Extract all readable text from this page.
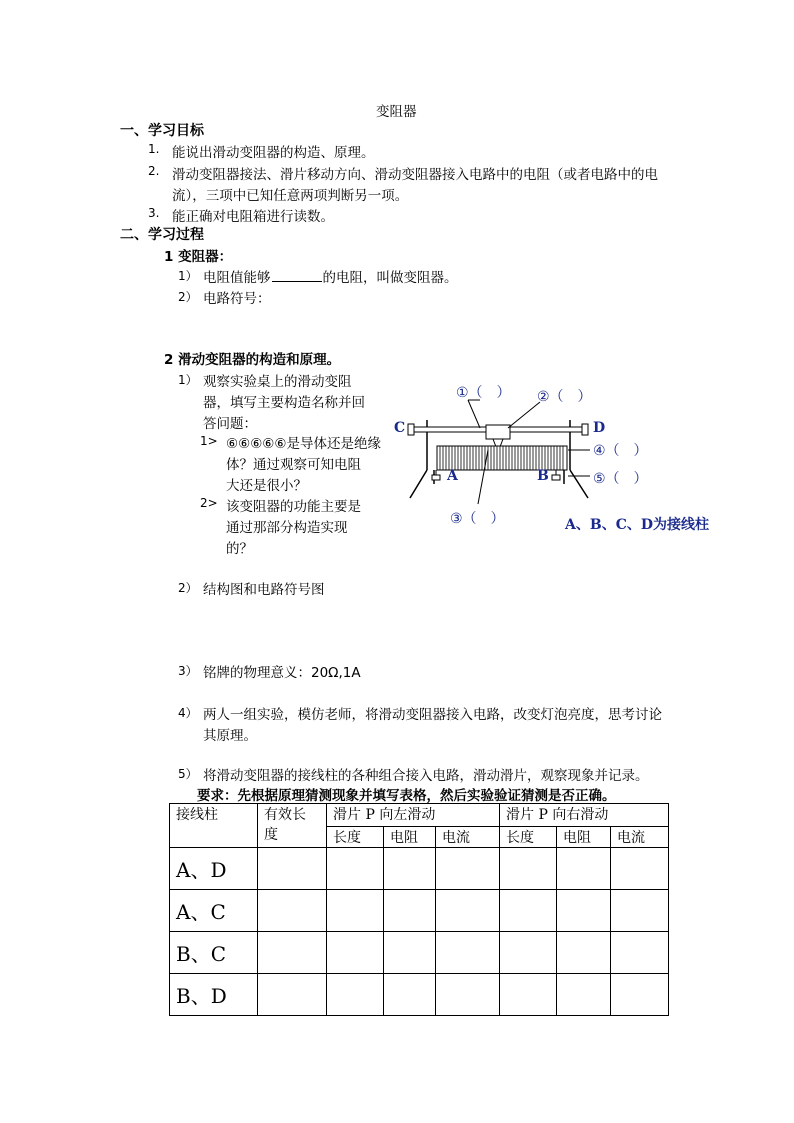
变阻器
一、学习目标
1. 能说出滑动变阻器的构造、原理。
2. 滑动变阻器接法、滑片移动方向、滑动变阻器接入电路中的电阻（或者电路中的电
流），三项中已知任意两项判断另一项。
3. 能正确对电阻箱进行读数。
二、学习过程
1 变阻器：
1） 电阻值能够	的电阻，叫做变阻器。
2） 电路符号：
2 滑动变阻器的构造和原理。
1） 观察实验桌上的滑动变阻
器，填写主要构造名称并回
答问题：
1> ⑥⑥⑥⑥⑥是导体还是绝缘
体？通过观察可知电阻
大还是很小？
2> 该变阻器的功能主要是
通过那部分构造实现
的？
①（　） ②（　）
C	D
④（　）
A	B	⑤（　）
③（　）	A、B、C、D为接线柱
2） 结构图和电路符号图
3） 铭牌的物理意义：20Ω,1A
4） 两人一组实验，模仿老师，将滑动变阻器接入电路，改变灯泡亮度，思考讨论
其原理。
5） 将滑动变阻器的接线柱的各种组合接入电路，滑动滑片，观察现象并记录。
要求：先根据原理猜测现象并填写表格，然后实验验证猜测是否正确。
接线柱	有效长
度	滑片 P 向左滑动			滑片 P 向右滑动		
		长度	电阻	电流	长度	电阻	电流
A、D							
A、C							
B、C							
B、D							
